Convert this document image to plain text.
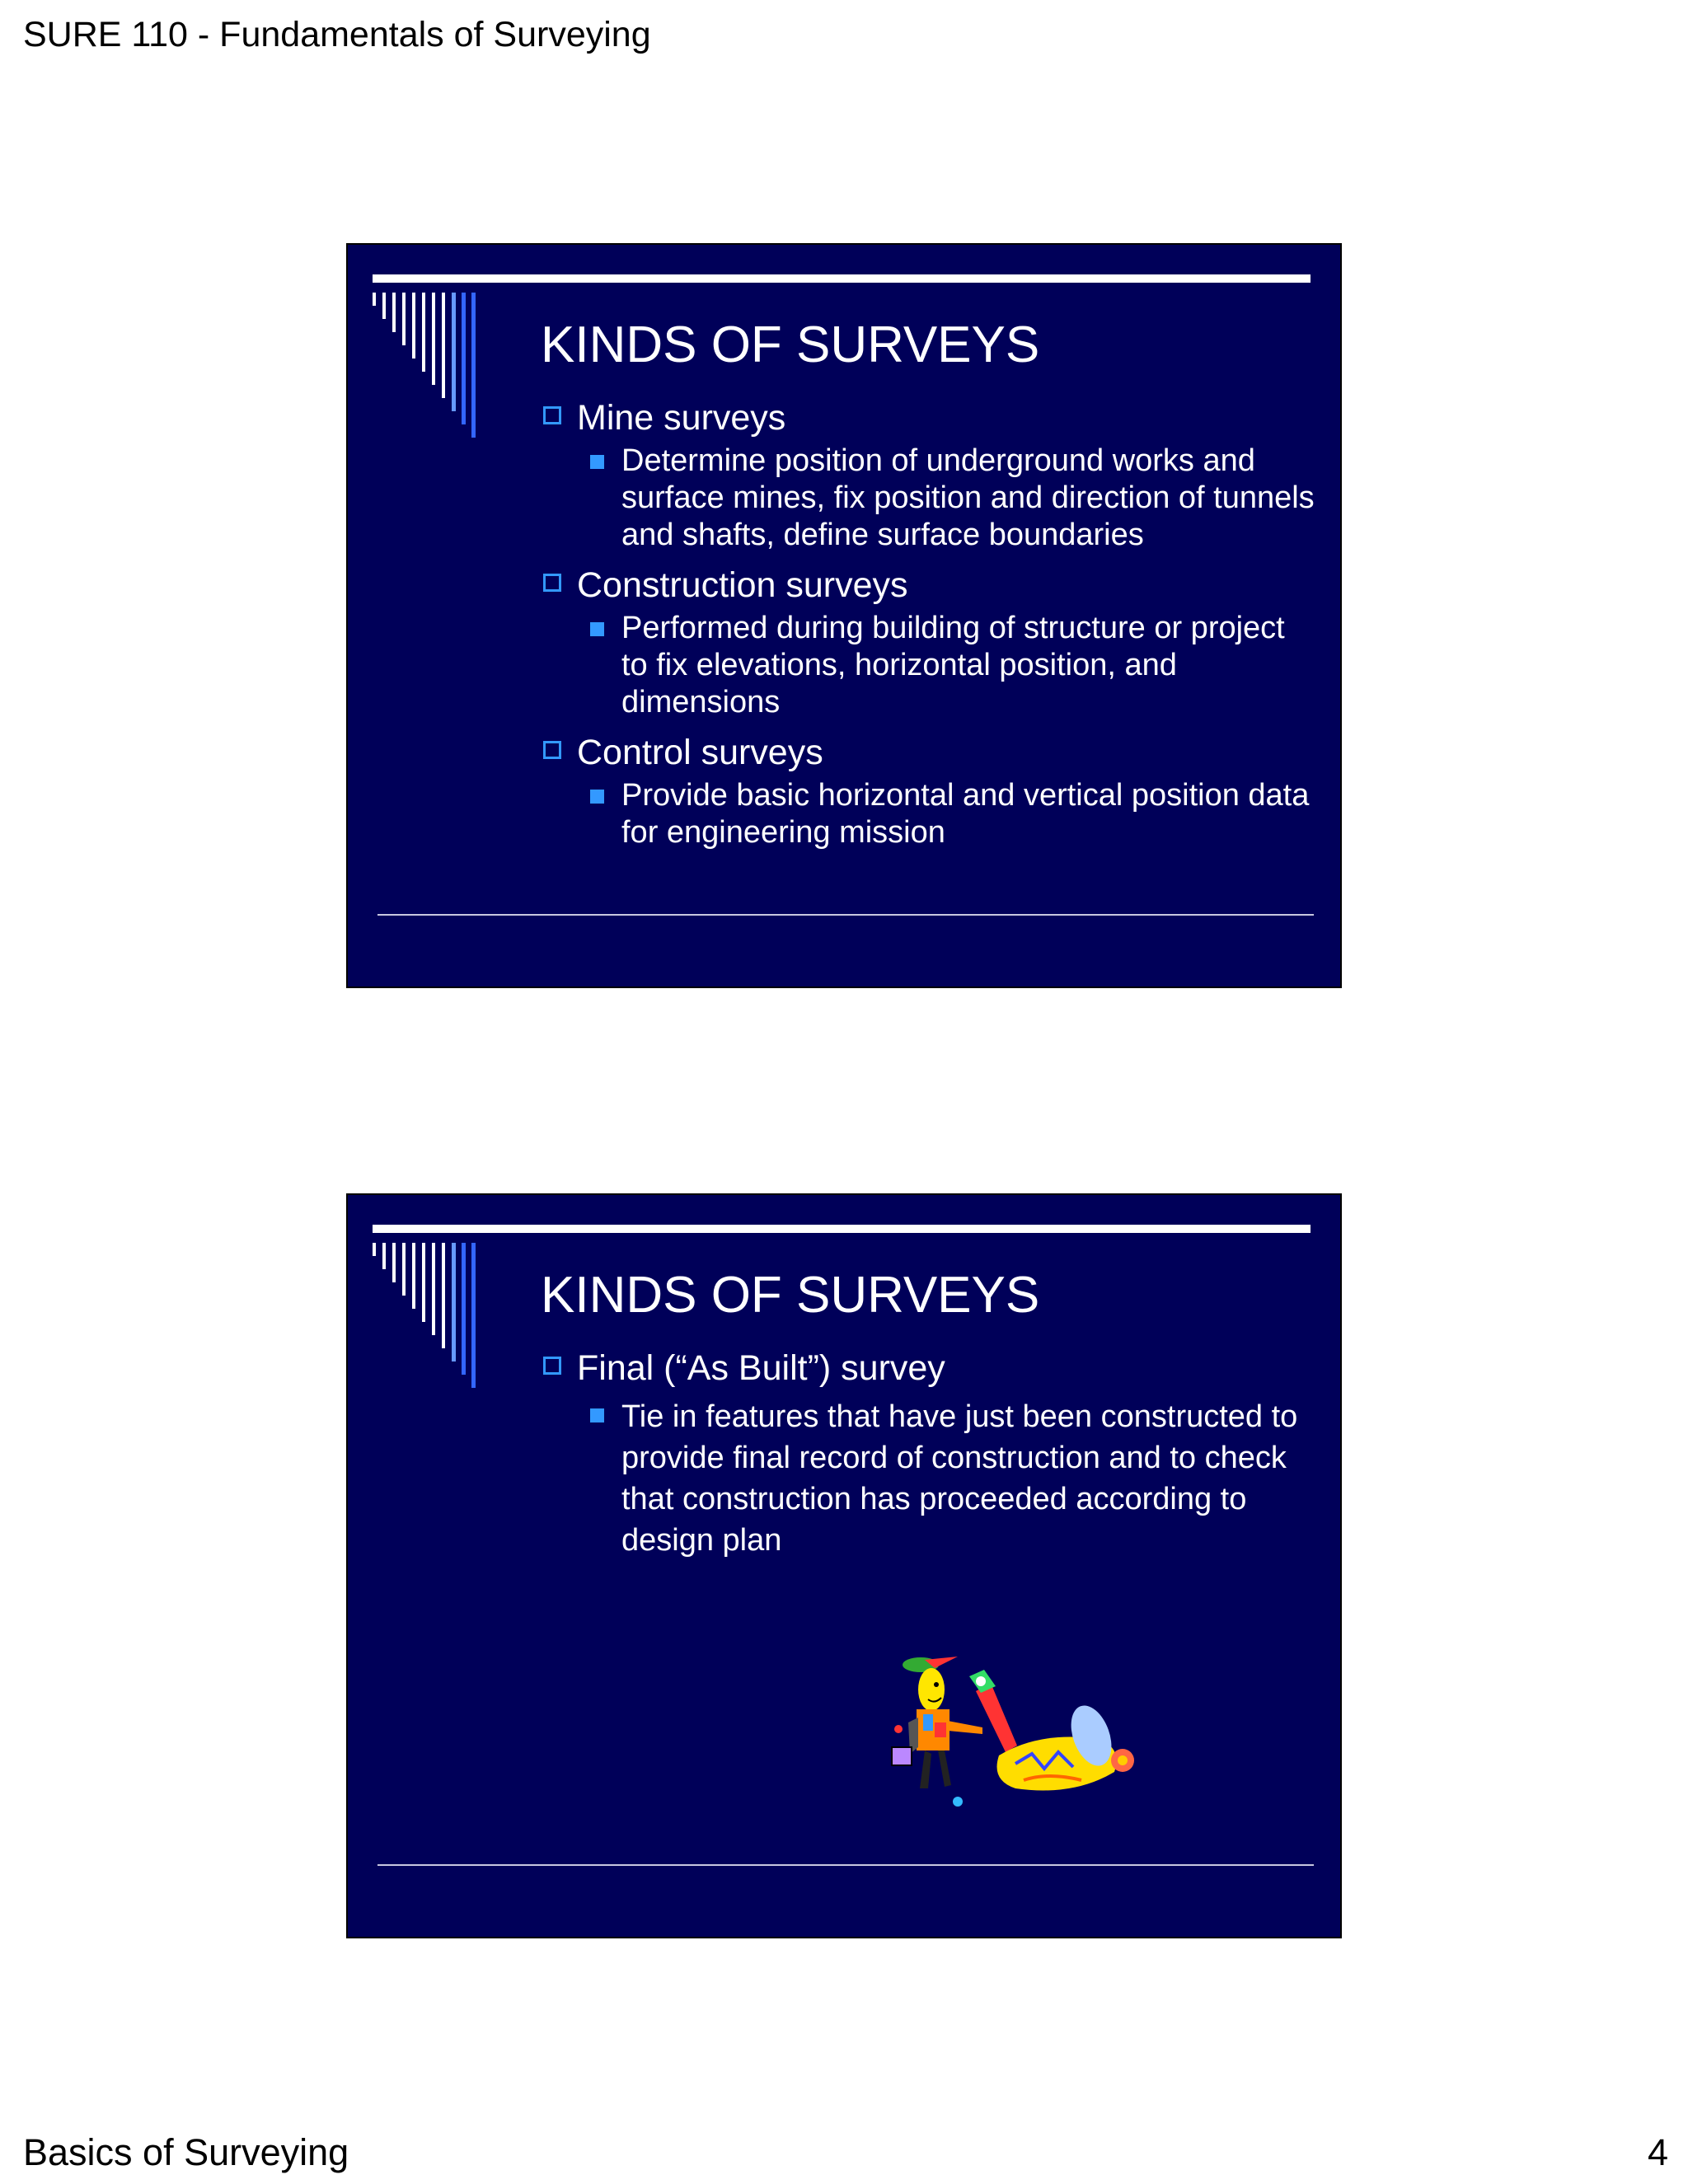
SURE 110 - Fundamentals of Surveying
KINDS OF SURVEYS
Mine surveys
Determine position of underground works and surface mines, fix position and direction of tunnels and shafts, define surface boundaries
Construction surveys
Performed during building of structure or project to fix elevations, horizontal position, and dimensions
Control surveys
Provide basic horizontal and vertical position data for engineering mission
KINDS OF SURVEYS
Final (“As Built”) survey
Tie in features that have just been constructed to provide final record of construction and to check that construction has proceeded according to design plan
Basics of Surveying	4
